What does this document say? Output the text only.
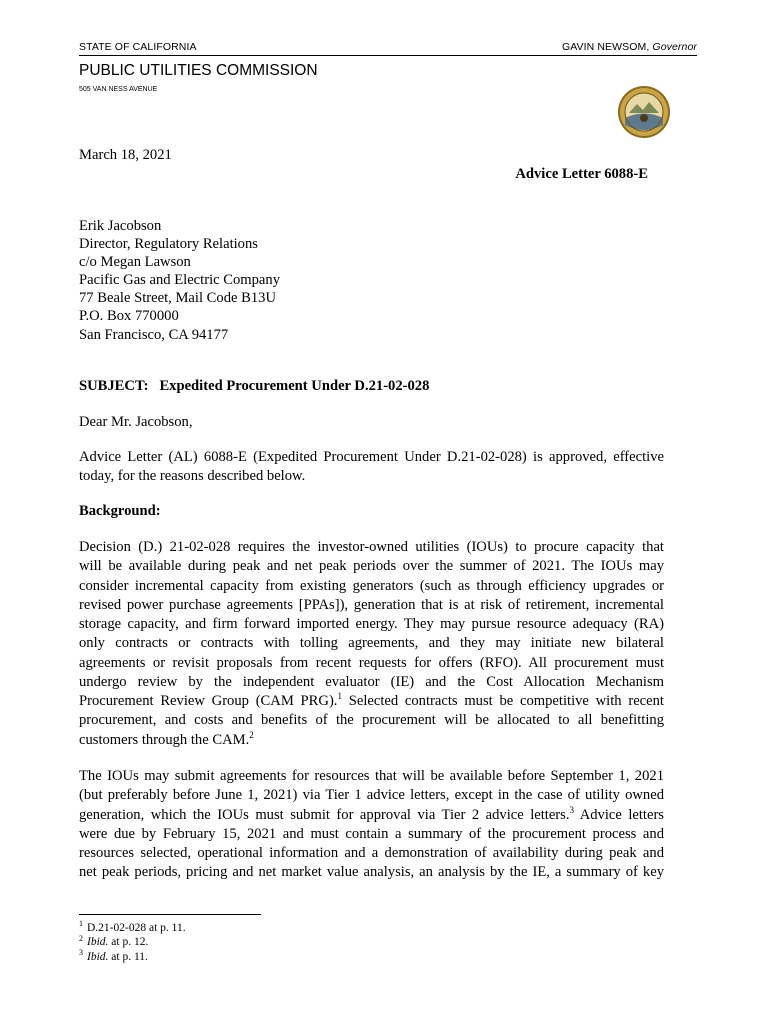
STATE OF CALIFORNIA	GAVIN NEWSOM, Governor
PUBLIC UTILITIES COMMISSION
505 VAN NESS AVENUE
March 18, 2021
Advice Letter 6088-E
Erik Jacobson
Director, Regulatory Relations
c/o Megan Lawson
Pacific Gas and Electric Company
77 Beale Street, Mail Code B13U
P.O. Box 770000
San Francisco, CA 94177
SUBJECT: Expedited Procurement Under D.21-02-028
Dear Mr. Jacobson,
Advice Letter (AL) 6088-E (Expedited Procurement Under D.21-02-028) is approved, effective
today, for the reasons described below.
Background:
Decision (D.) 21-02-028 requires the investor-owned utilities (IOUs) to procure capacity that
will be available during peak and net peak periods over the summer of 2021. The IOUs may
consider incremental capacity from existing generators (such as through efficiency upgrades or
revised power purchase agreements [PPAs]), generation that is at risk of retirement, incremental
storage capacity, and firm forward imported energy. They may pursue resource adequacy (RA)
only contracts or contracts with tolling agreements, and they may initiate new bilateral
agreements or revisit proposals from recent requests for offers (RFO). All procurement must
undergo review by the independent evaluator (IE) and the Cost Allocation Mechanism
Procurement Review Group (CAM PRG).$^1$ Selected contracts must be competitive with recent
procurement, and costs and benefits of the procurement will be allocated to all benefitting
customers through the CAM.$^2$
The IOUs may submit agreements for resources that will be available before September 1, 2021
(but preferably before June 1, 2021) via Tier 1 advice letters, except in the case of utility owned
generation, which the IOUs must submit for approval via Tier 2 advice letters.$^3$ Advice letters
were due by February 15, 2021 and must contain a summary of the procurement process and
resources selected, operational information and a demonstration of availability during peak and
net peak periods, pricing and net market value analysis, an analysis by the IE, a summary of key
$^1$ D.21-02-028 at p. 11.
$^2$ Ibid. at p. 12.
$^3$ Ibid. at p. 11.
